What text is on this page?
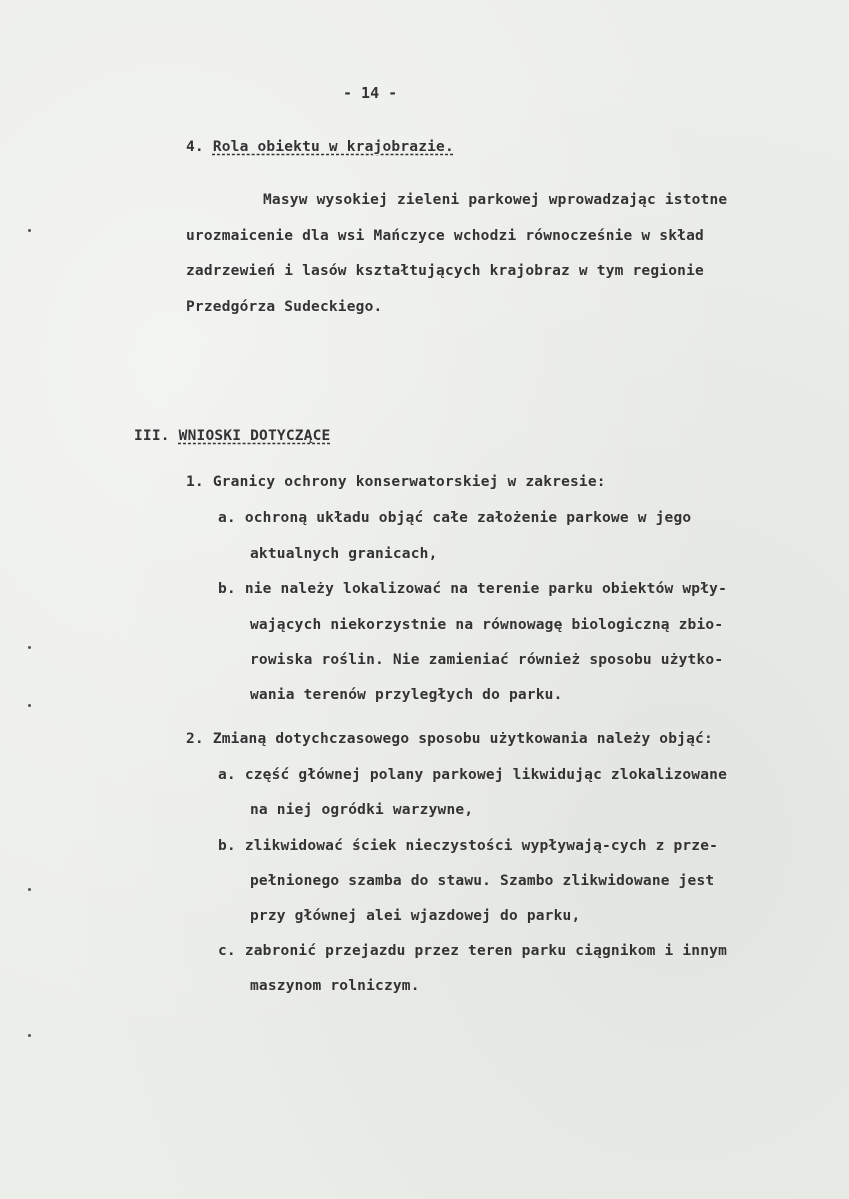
- 14 -
4. Rola obiektu w krajobrazie.
Masyw wysokiej zieleni parkowej wprowadzając istotne
urozmaicenie dla wsi Mańczyce wchodzi równocześnie w skład
zadrzewień i lasów kształtujących krajobraz w tym regionie
Przedgórza Sudeckiego.
III. WNIOSKI DOTYCZĄCE
1. Granicy ochrony konserwatorskiej w zakresie:
a. ochroną układu objąć całe założenie parkowe w jego
aktualnych granicach,
b. nie należy lokalizować na terenie parku obiektów wpły-
wających niekorzystnie na równowagę biologiczną zbio-
rowiska roślin. Nie zamieniać również sposobu użytko-
wania terenów przyległych do parku.
2. Zmianą dotychczasowego sposobu użytkowania należy objąć:
a. część głównej polany parkowej likwidując zlokalizowane
na niej ogródki warzywne,
b. zlikwidować ściek nieczystości wypływają-cych z prze-
pełnionego szamba do stawu. Szambo zlikwidowane jest
przy głównej alei wjazdowej do parku,
c. zabronić przejazdu przez teren parku ciągnikom i innym
maszynom rolniczym.
